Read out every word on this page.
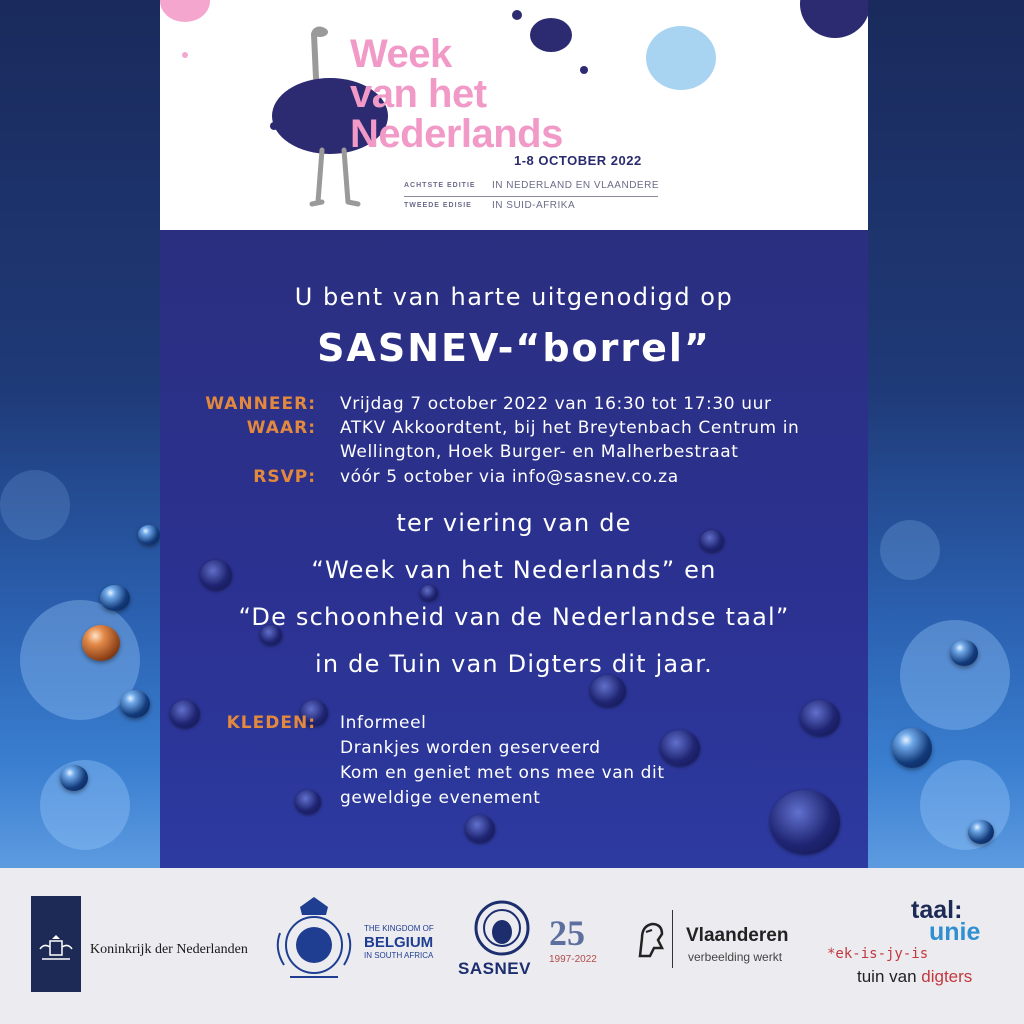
Week
van het
Nederlands
1-8 OCTOBER 2022
ACHTSTE EDITIE IN NEDERLAND EN VLAANDERE
TWEEDE EDISIE IN SUID-AFRIKA
U bent van harte uitgenodigd op
SASNEV-“borrel”
WANNEER: Vrijdag 7 october 2022 van 16:30 tot 17:30 uur
WAAR: ATKV Akkoordtent, bij het Breytenbach Centrum in
Wellington, Hoek Burger- en Malherbestraat
RSVP: vóór 5 october via info@sasnev.co.za
ter viering van de
“Week van het Nederlands” en
“De schoonheid van de Nederlandse taal”
in de Tuin van Digters dit jaar.
KLEDEN: Informeel
Drankjes worden geserveerd
Kom en geniet met ons mee van dit
geweldige evenement
Koninkrijk der Nederlanden
THE KINGDOM OF
BELGIUM
IN SOUTH AFRICA
SASNEV
25
1997-2022
Vlaanderen
verbeelding werkt
taal:
unie
*ek-is-jy-is
tuin van digters
